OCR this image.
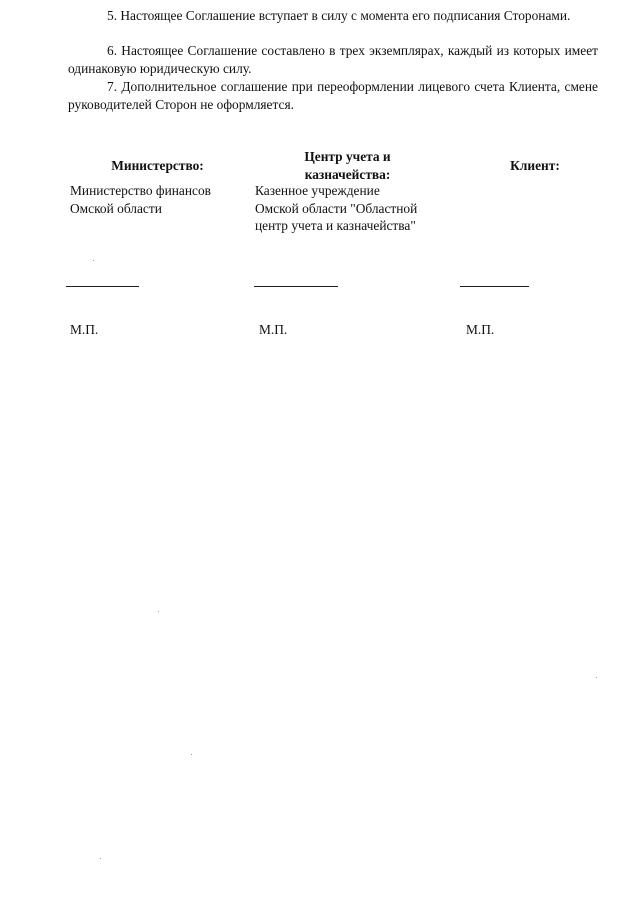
5. Настоящее Соглашение вступает в силу с момента его подписания Сторонами.
6. Настоящее Соглашение составлено в трех экземплярах, каждый из которых имеет одинаковую юридическую силу.
7. Дополнительное соглашение при переоформлении лицевого счета Клиента, смене руководителей Сторон не оформляется.
Министерство:
Центр учета и
казначейства:
Клиент:
Министерство финансов
Омской области
Казенное учреждение
Омской области "Областной
центр учета и казначейства"
М.П.	М.П.	М.П.
